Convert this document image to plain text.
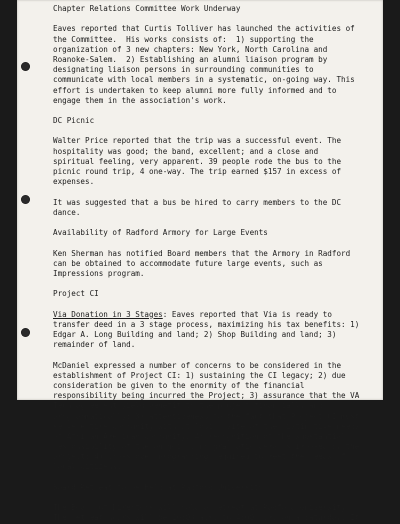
Chapter Relations Committee Work Underway
Eaves reported that Curtis Tolliver has launched the activities of
the Committee.  His works consists of:  1) supporting the
organization of 3 new chapters: New York, North Carolina and
Roanoke-Salem.  2) Establishing an alumni liaison program by
designating liaison persons in surrounding communities to
communicate with local members in a systematic, on-going way. This
effort is undertaken to keep alumni more fully informed and to
engage them in the association's work.
DC Picnic
Walter Price reported that the trip was a successful event. The
hospitality was good; the band, excellent; and a close and
spiritual feeling, very apparent. 39 people rode the bus to the
picnic round trip, 4 one-way. The trip earned $157 in excess of
expenses.
It was suggested that a bus be hired to carry members to the DC
dance.
Availability of Radford Armory for Large Events
Ken Sherman has notified Board members that the Armory in Radford
can be obtained to accommodate future large events, such as
Impressions program.
Project CI
Via Donation in 3 Stages: Eaves reported that Via is ready to
transfer deed in a 3 stage process, maximizing his tax benefits: 1)
Edgar A. Long Building and land; 2) Shop Building and land; 3)
remainder of land.
McDaniel expressed a number of concerns to be considered in the
establishment of Project CI: 1) sustaining the CI legacy; 2) due
consideration be given to the enormity of the financial
responsibility being incurred the Project; 3) assurance that the VA
Tech agreement yield benefit to the project financially and
programmatically; 3) attentiveness to the fact that Project CI must
serve entire community without losing site of the distinctive needs
of African American community; 4) recognition of the substantial
responsibility of the on-going, programmatic demands imposed by the
project; 4) cross-over programming required to meet the needs of
local citizens.
Board Retreat to be Held at Radford University
The Board of Directors will hold a retreat at Radford University.
The retreat hours will be 10:00 a.m. to 4:00 p.m. on a Saturday. It
